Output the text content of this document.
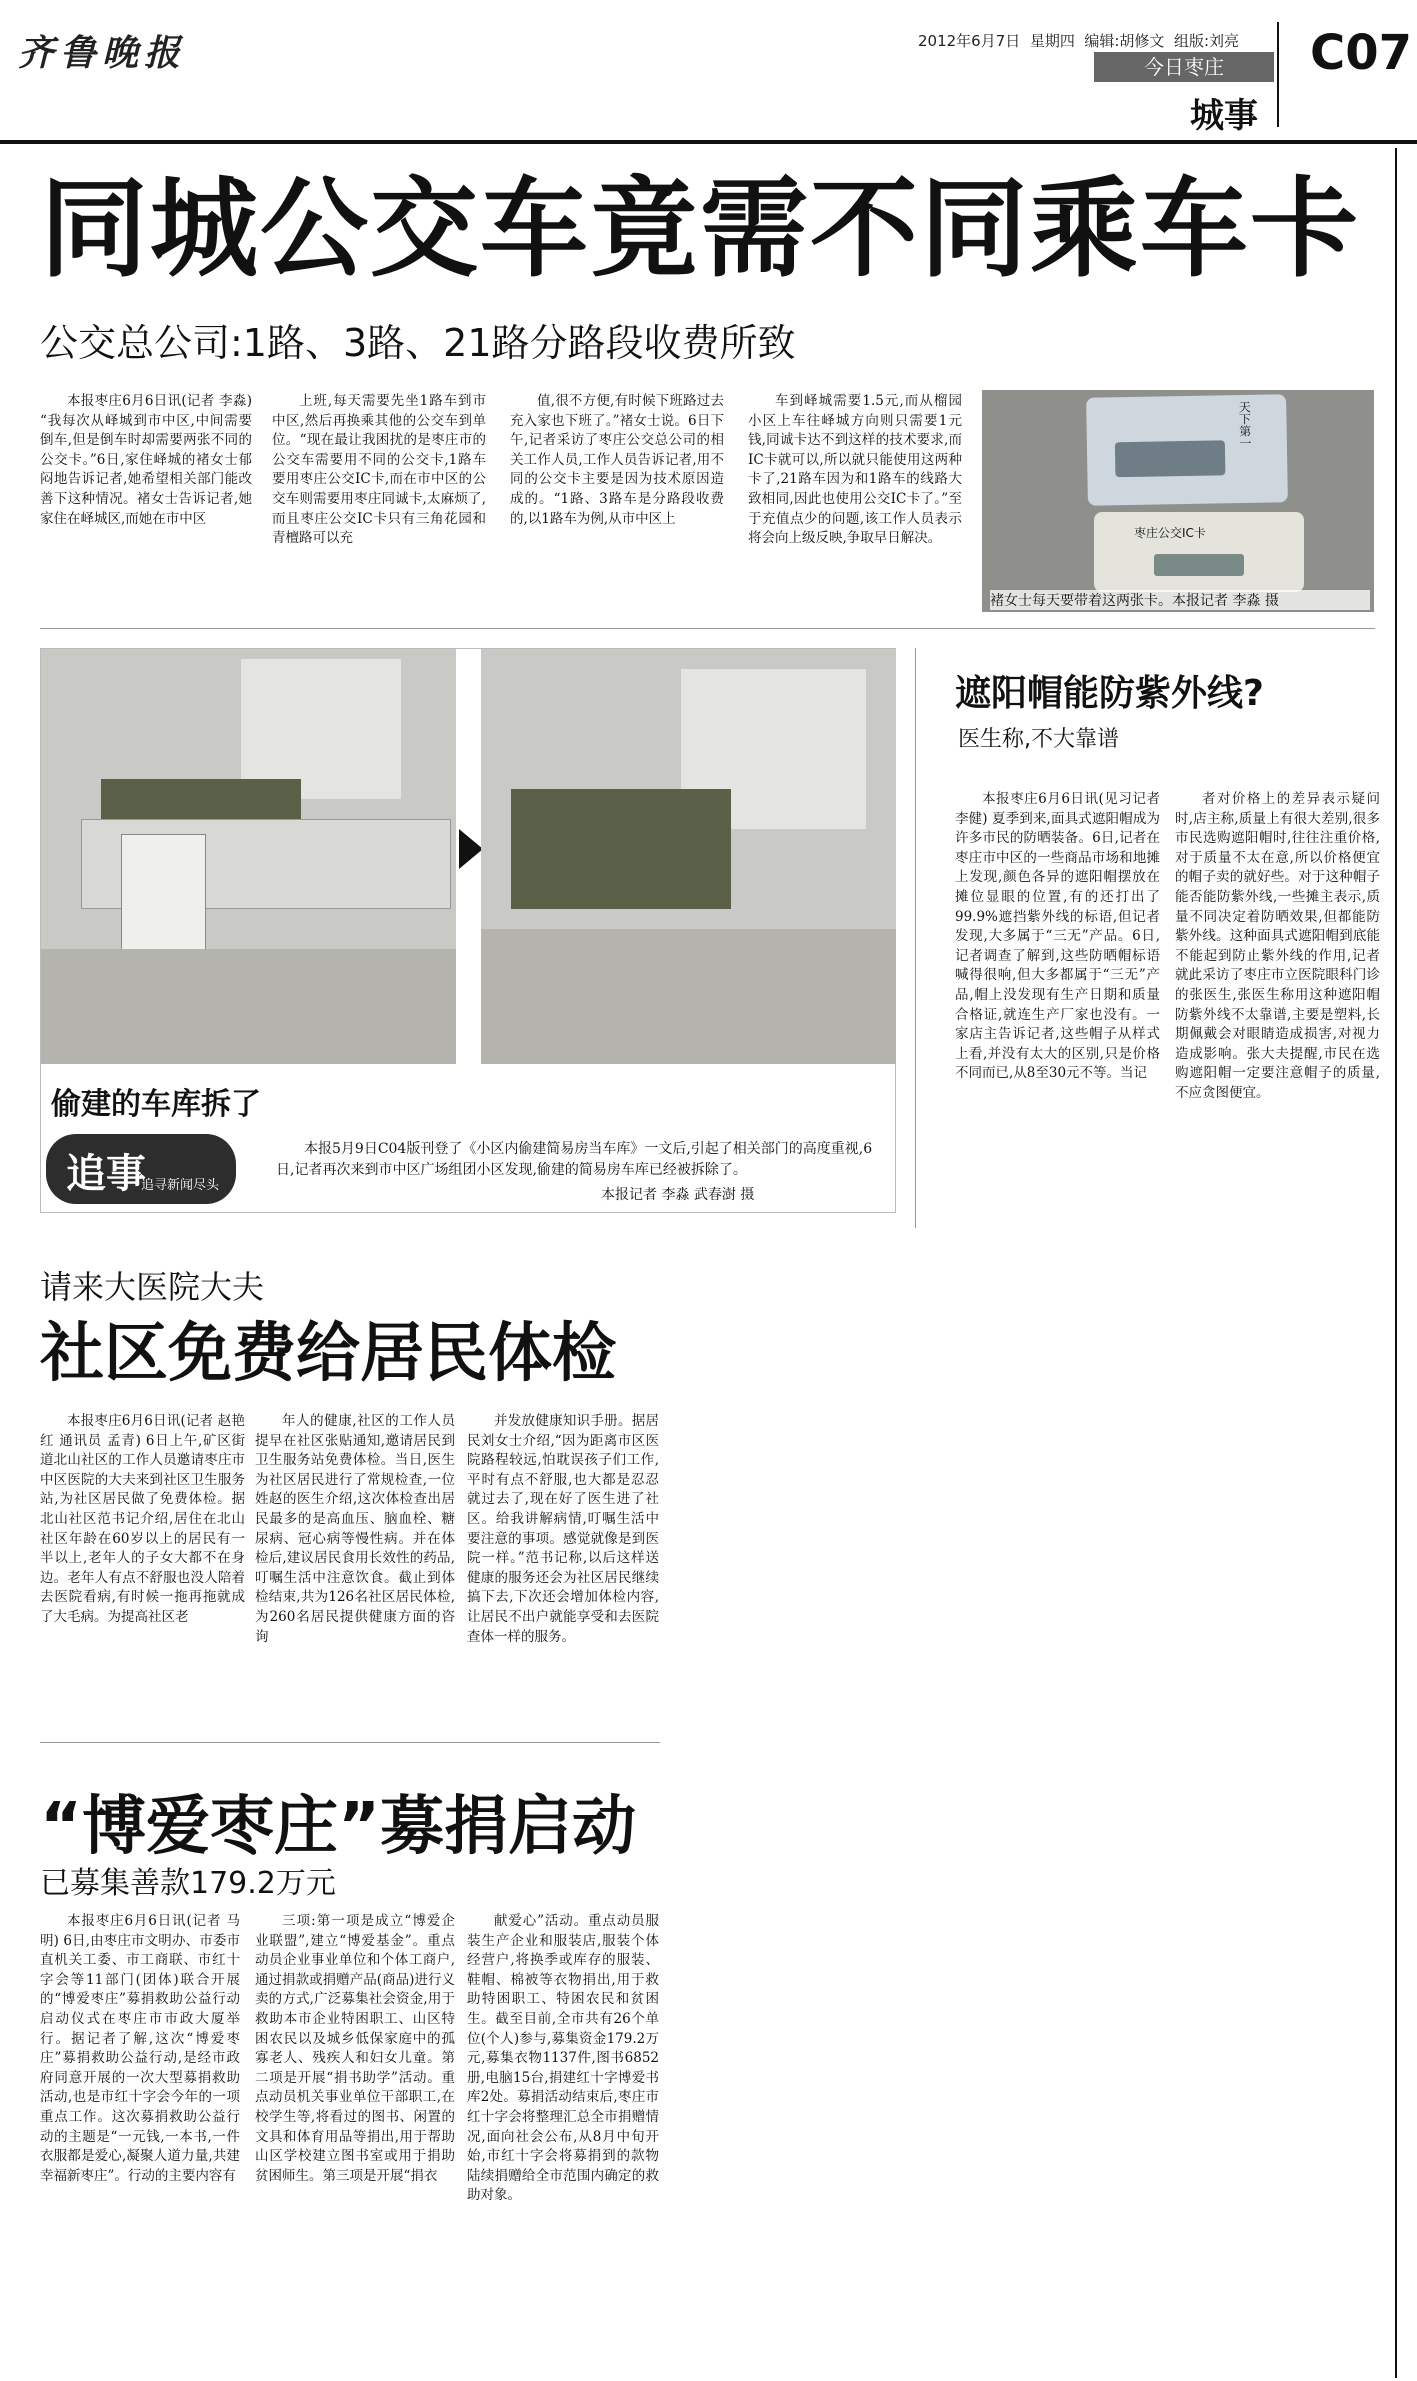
齐鲁晚报	2012年6月7日 星期四 编辑:胡修文 组版:刘亮
今日枣庄
城事
C07
同城公交车竟需不同乘车卡
公交总公司:1路、3路、21路分路段收费所致
本报枣庄6月6日讯(记者 李淼) “我每次从峄城到市中区,中间需要倒车,但是倒车时却需要两张不同的公交卡。”6日,家住峄城的褚女士郁闷地告诉记者,她希望相关部门能改善下这种情况。褚女士告诉记者,她家住在峄城区,而她在市中区
上班,每天需要先坐1路车到市中区,然后再换乘其他的公交车到单位。“现在最让我困扰的是枣庄市的公交车需要用不同的公交卡,1路车要用枣庄公交IC卡,而在市中区的公交车则需要用枣庄同诚卡,太麻烦了,而且枣庄公交IC卡只有三角花园和青檀路可以充
值,很不方便,有时候下班路过去充入家也下班了。”褚女士说。6日下午,记者采访了枣庄公交总公司的相关工作人员,工作人员告诉记者,用不同的公交卡主要是因为技术原因造成的。“1路、3路车是分路段收费的,以1路车为例,从市中区上
车到峄城需要1.5元,而从榴园小区上车往峄城方向则只需要1元钱,同诚卡达不到这样的技术要求,而IC卡就可以,所以就只能使用这两种卡了,21路车因为和1路车的线路大致相同,因此也使用公交IC卡了。”至于充值点少的问题,该工作人员表示将会向上级反映,争取早日解决。
天下第一
枣庄公交IC卡
褚女士每天要带着这两张卡。本报记者 李淼 摄
偷建的车库拆了
追事
追寻新闻尽头
本报5月9日C04版刊登了《小区内偷建简易房当车库》一文后,引起了相关部门的高度重视,6日,记者再次来到市中区广场组团小区发现,偷建的简易房车库已经被拆除了。
本报记者 李淼 武春澍 摄
遮阳帽能防紫外线?
医生称,不大靠谱
本报枣庄6月6日讯(见习记者 李健) 夏季到来,面具式遮阳帽成为许多市民的防晒装备。6日,记者在枣庄市中区的一些商品市场和地摊上发现,颜色各异的遮阳帽摆放在摊位显眼的位置,有的还打出了99.9%遮挡紫外线的标语,但记者发现,大多属于“三无”产品。6日,记者调查了解到,这些防晒帽标语喊得很响,但大多都属于“三无”产品,帽上没发现有生产日期和质量合格证,就连生产厂家也没有。一家店主告诉记者,这些帽子从样式上看,并没有太大的区别,只是价格不同而已,从8至30元不等。当记
者对价格上的差异表示疑问时,店主称,质量上有很大差别,很多市民选购遮阳帽时,往往注重价格,对于质量不太在意,所以价格便宜的帽子卖的就好些。对于这种帽子能否能防紫外线,一些摊主表示,质量不同决定着防晒效果,但都能防紫外线。这种面具式遮阳帽到底能不能起到防止紫外线的作用,记者就此采访了枣庄市立医院眼科门诊的张医生,张医生称用这种遮阳帽防紫外线不太靠谱,主要是塑料,长期佩戴会对眼睛造成损害,对视力造成影响。张大夫提醒,市民在选购遮阳帽一定要注意帽子的质量,不应贪图便宜。
请来大医院大夫
社区免费给居民体检
本报枣庄6月6日讯(记者 赵艳红 通讯员 孟青) 6日上午,矿区街道北山社区的工作人员邀请枣庄市中区医院的大夫来到社区卫生服务站,为社区居民做了免费体检。据北山社区范书记介绍,居住在北山社区年龄在60岁以上的居民有一半以上,老年人的子女大都不在身边。老年人有点不舒服也没人陪着去医院看病,有时候一拖再拖就成了大毛病。为提高社区老
年人的健康,社区的工作人员提早在社区张贴通知,邀请居民到卫生服务站免费体检。当日,医生为社区居民进行了常规检查,一位姓赵的医生介绍,这次体检查出居民最多的是高血压、脑血栓、糖尿病、冠心病等慢性病。并在体检后,建议居民食用长效性的药品,叮嘱生活中注意饮食。截止到体检结束,共为126名社区居民体检,为260名居民提供健康方面的咨询
并发放健康知识手册。据居民刘女士介绍,“因为距离市区医院路程较远,怕耽误孩子们工作,平时有点不舒服,也大都是忍忍就过去了,现在好了医生进了社区。给我讲解病情,叮嘱生活中要注意的事项。感觉就像是到医院一样。”范书记称,以后这样送健康的服务还会为社区居民继续搞下去,下次还会增加体检内容,让居民不出户就能享受和去医院查体一样的服务。
“博爱枣庄”募捐启动
已募集善款179.2万元
本报枣庄6月6日讯(记者 马明) 6日,由枣庄市文明办、市委市直机关工委、市工商联、市红十字会等11部门(团体)联合开展的“博爱枣庄”募捐救助公益行动启动仪式在枣庄市市政大厦举行。据记者了解,这次“博爱枣庄”募捐救助公益行动,是经市政府同意开展的一次大型募捐救助活动,也是市红十字会今年的一项重点工作。这次募捐救助公益行动的主题是“一元钱,一本书,一件衣服都是爱心,凝聚人道力量,共建幸福新枣庄”。行动的主要内容有
三项:第一项是成立“博爱企业联盟”,建立“博爱基金”。重点动员企业事业单位和个体工商户,通过捐款或捐赠产品(商品)进行义卖的方式,广泛募集社会资金,用于救助本市企业特困职工、山区特困农民以及城乡低保家庭中的孤寡老人、残疾人和妇女儿童。第二项是开展“捐书助学”活动。重点动员机关事业单位干部职工,在校学生等,将看过的图书、闲置的文具和体育用品等捐出,用于帮助山区学校建立图书室或用于捐助贫困师生。第三项是开展“捐衣
献爱心”活动。重点动员服装生产企业和服装店,服装个体经营户,将换季或库存的服装、鞋帽、棉被等衣物捐出,用于救助特困职工、特困农民和贫困生。截至目前,全市共有26个单位(个人)参与,募集资金179.2万元,募集衣物1137件,图书6852册,电脑15台,捐建红十字博爱书库2处。募捐活动结束后,枣庄市红十字会将整理汇总全市捐赠情况,面向社会公布,从8月中旬开始,市红十字会将募捐到的款物陆续捐赠给全市范围内确定的救助对象。
